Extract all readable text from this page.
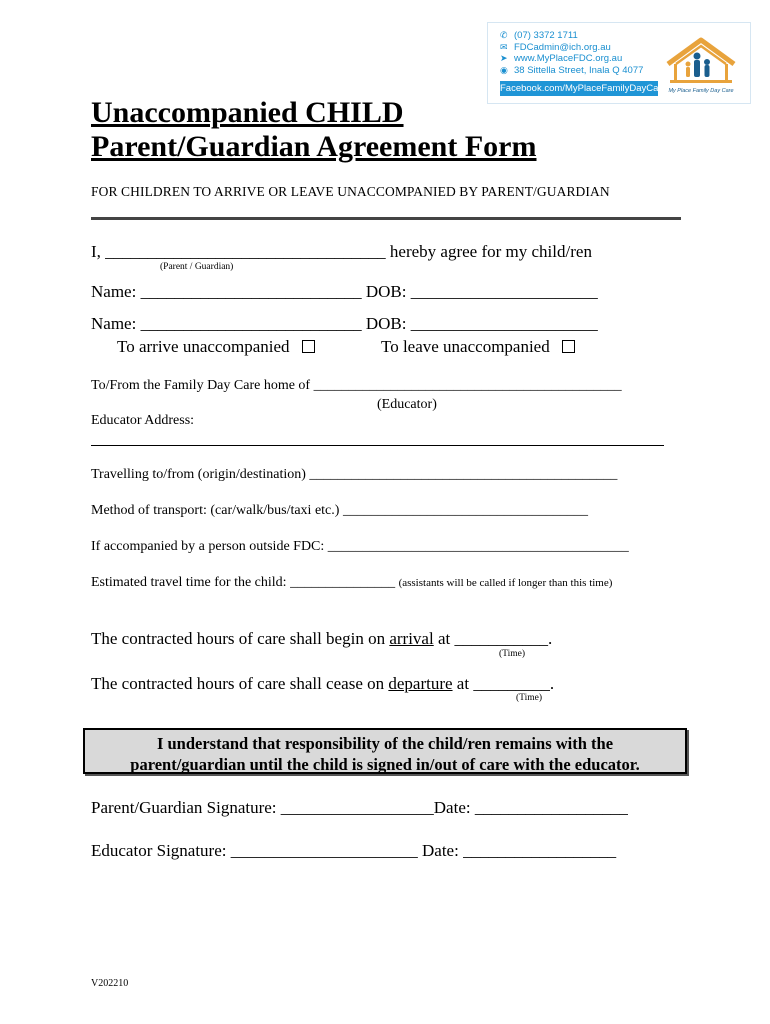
✆ (07) 3372 1711
✉ FDCadmin@ich.org.au
➤ www.MyPlaceFDC.org.au
◉ 38 Sittella Street, Inala Q 4077
Facebook.com/MyPlaceFamilyDayCare My Place Family Day Care
Unaccompanied CHILD
Parent/Guardian Agreement Form
FOR CHILDREN TO ARRIVE OR LEAVE UNACCOMPANIED BY PARENT/GUARDIAN
I, _________________________________ hereby agree for my child/ren
(Parent / Guardian)
Name: __________________________ DOB: ______________________
Name: __________________________ DOB: ______________________
To arrive unaccompanied	To leave unaccompanied
To/From the Family Day Care home of ____________________________________________
(Educator)
Educator Address:
Travelling to/from (origin/destination) ____________________________________________
Method of transport: (car/walk/bus/taxi etc.) ___________________________________
If accompanied by a person outside FDC: ___________________________________________
Estimated travel time for the child: _______________ (assistants will be called if longer than this time)
The contracted hours of care shall begin on arrival at ___________.
(Time)
The contracted hours of care shall cease on departure at _________.
(Time)
I understand that responsibility of the child/ren remains with the
parent/guardian until the child is signed in/out of care with the educator.
Parent/Guardian Signature: __________________Date: __________________
Educator Signature: ______________________ Date: __________________
V202210
